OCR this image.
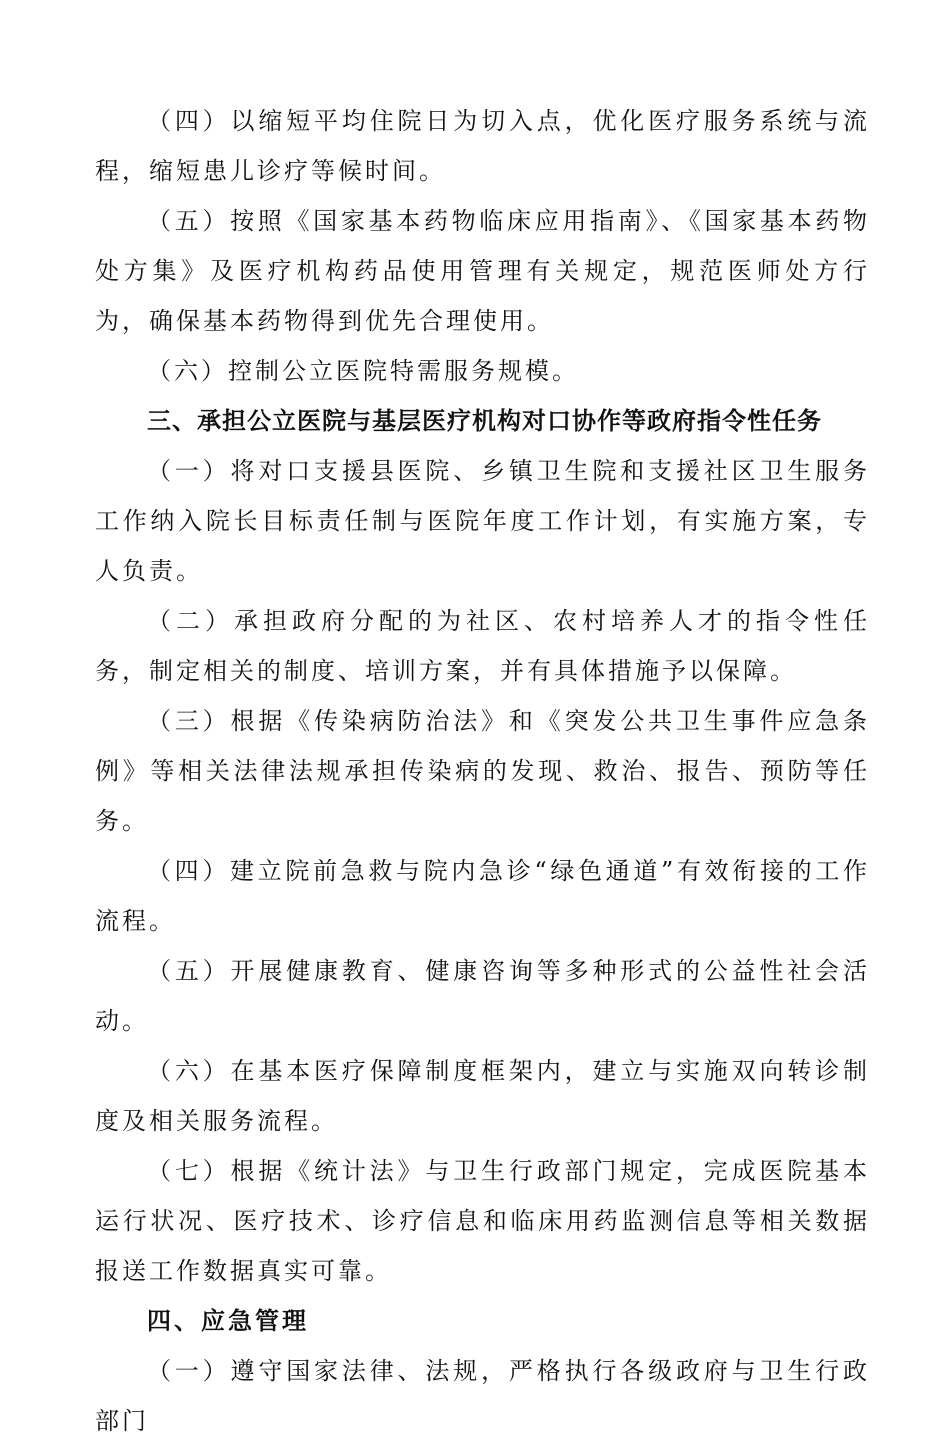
（四）以缩短平均住院日为切入点，优化医疗服务系统与流程，缩短患儿诊疗等候时间。

（五）按照《国家基本药物临床应用指南》、《国家基本药物处方集》及医疗机构药品使用管理有关规定，规范医师处方行为，确保基本药物得到优先合理使用。

（六）控制公立医院特需服务规模。

三、承担公立医院与基层医疗机构对口协作等政府指令性任务

（一）将对口支援县医院、乡镇卫生院和支援社区卫生服务工作纳入院长目标责任制与医院年度工作计划，有实施方案，专人负责。

（二）承担政府分配的为社区、农村培养人才的指令性任务，制定相关的制度、培训方案，并有具体措施予以保障。

（三）根据《传染病防治法》和《突发公共卫生事件应急条例》等相关法律法规承担传染病的发现、救治、报告、预防等任务。

（四）建立院前急救与院内急诊“绿色通道”有效衔接的工作流程。

（五）开展健康教育、健康咨询等多种形式的公益性社会活动。

（六）在基本医疗保障制度框架内，建立与实施双向转诊制度及相关服务流程。

（七）根据《统计法》与卫生行政部门规定，完成医院基本运行状况、医疗技术、诊疗信息和临床用药监测信息等相关数据报送工作数据真实可靠。

四、应急管理

（一）遵守国家法律、法规，严格执行各级政府与卫生行政部门
